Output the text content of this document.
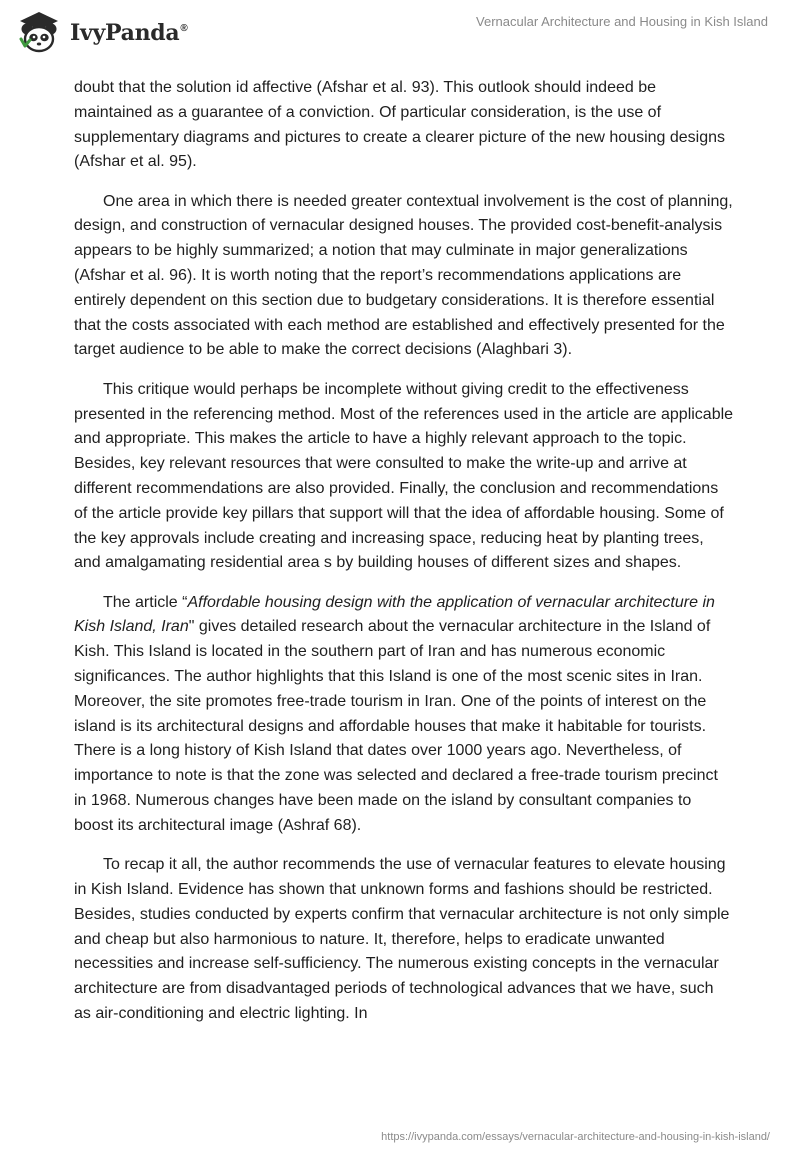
IvyPanda®	Vernacular Architecture and Housing in Kish Island

doubt that the solution id affective (Afshar et al. 93). This outlook should indeed be maintained as a guarantee of a conviction. Of particular consideration, is the use of supplementary diagrams and pictures to create a clearer picture of the new housing designs (Afshar et al. 95).

One area in which there is needed greater contextual involvement is the cost of planning, design, and construction of vernacular designed houses. The provided cost-benefit-analysis appears to be highly summarized; a notion that may culminate in major generalizations (Afshar et al. 96). It is worth noting that the report’s recommendations applications are entirely dependent on this section due to budgetary considerations. It is therefore essential that the costs associated with each method are established and effectively presented for the target audience to be able to make the correct decisions (Alaghbari 3).

This critique would perhaps be incomplete without giving credit to the effectiveness presented in the referencing method. Most of the references used in the article are applicable and appropriate. This makes the article to have a highly relevant approach to the topic. Besides, key relevant resources that were consulted to make the write-up and arrive at different recommendations are also provided. Finally, the conclusion and recommendations of the article provide key pillars that support will that the idea of affordable housing. Some of the key approvals include creating and increasing space, reducing heat by planting trees, and amalgamating residential area s by building houses of different sizes and shapes.

The article “Affordable housing design with the application of vernacular architecture in Kish Island, Iran" gives detailed research about the vernacular architecture in the Island of Kish. This Island is located in the southern part of Iran and has numerous economic significances. The author highlights that this Island is one of the most scenic sites in Iran. Moreover, the site promotes free-trade tourism in Iran. One of the points of interest on the island is its architectural designs and affordable houses that make it habitable for tourists. There is a long history of Kish Island that dates over 1000 years ago. Nevertheless, of importance to note is that the zone was selected and declared a free-trade tourism precinct in 1968. Numerous changes have been made on the island by consultant companies to boost its architectural image (Ashraf 68).

To recap it all, the author recommends the use of vernacular features to elevate housing in Kish Island. Evidence has shown that unknown forms and fashions should be restricted. Besides, studies conducted by experts confirm that vernacular architecture is not only simple and cheap but also harmonious to nature. It, therefore, helps to eradicate unwanted necessities and increase self-sufficiency. The numerous existing concepts in the vernacular architecture are from disadvantaged periods of technological advances that we have, such as air-conditioning and electric lighting. In

https://ivypanda.com/essays/vernacular-architecture-and-housing-in-kish-island/
